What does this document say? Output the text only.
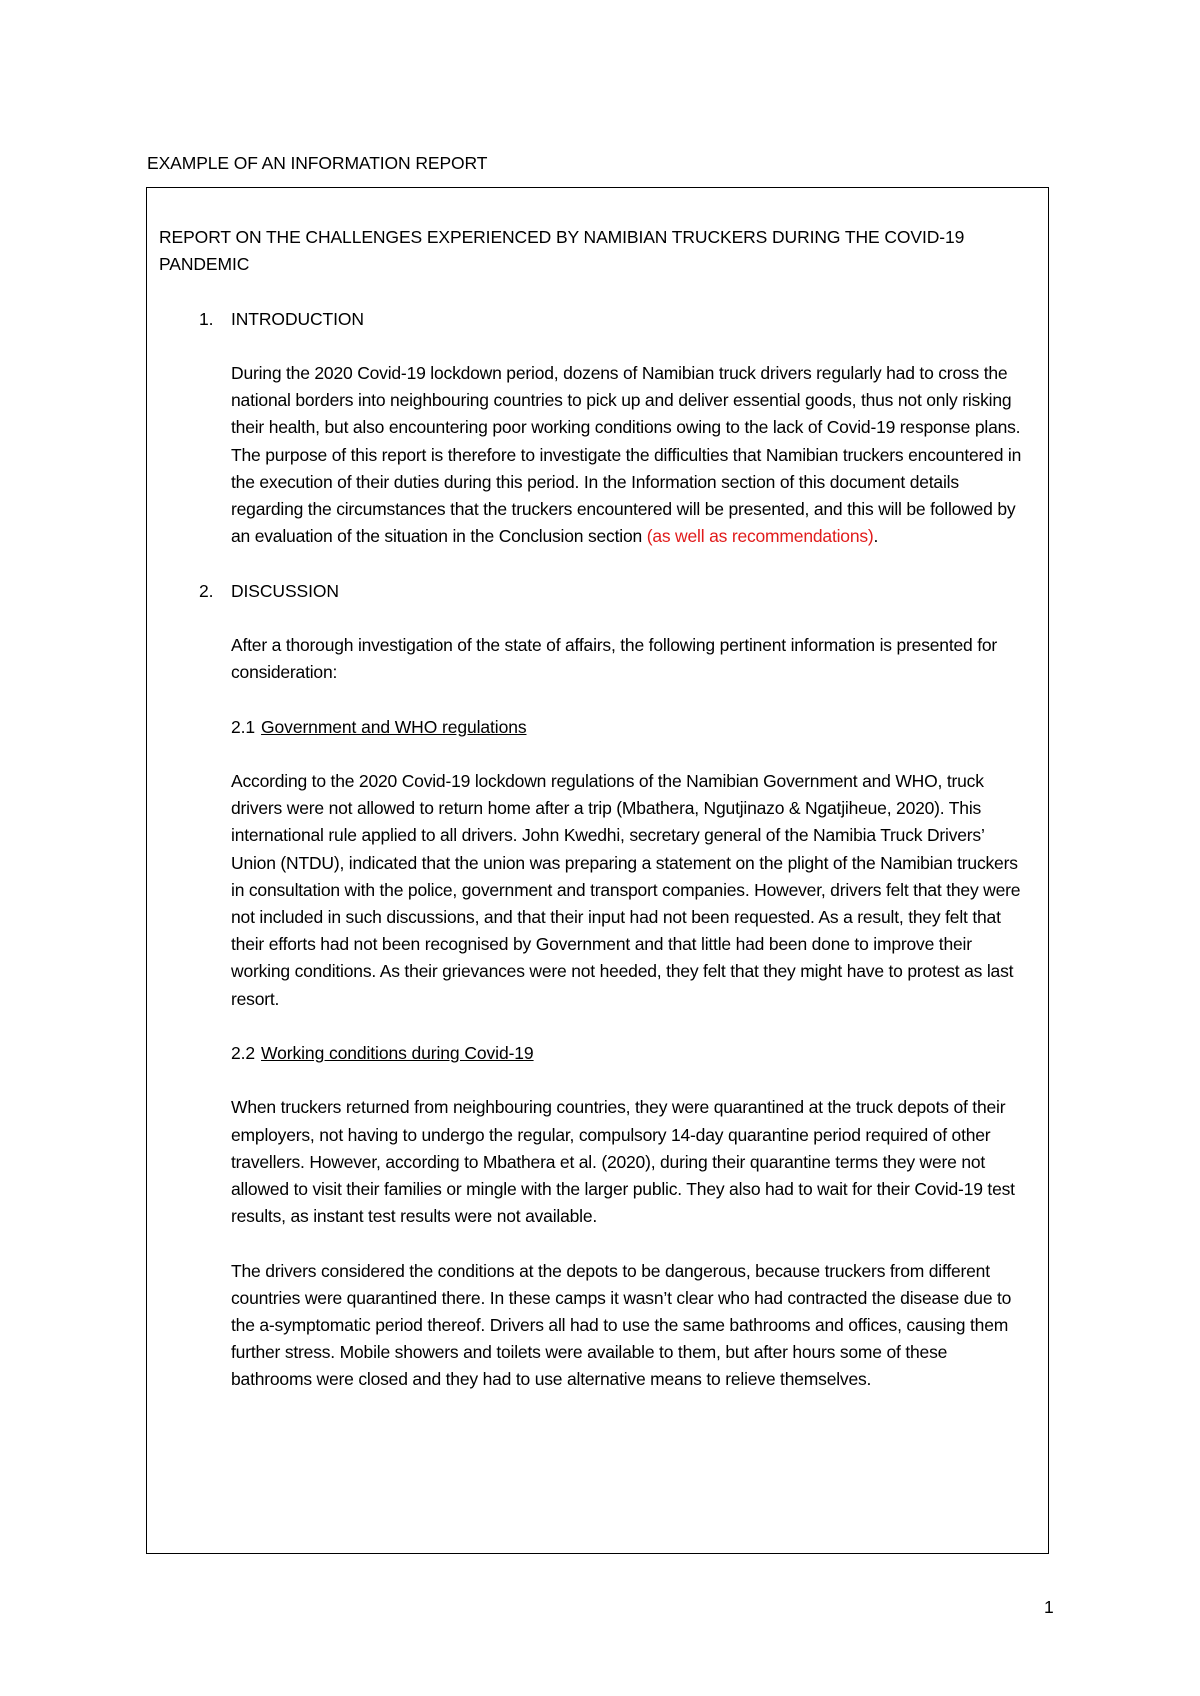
EXAMPLE OF AN INFORMATION REPORT

REPORT ON THE CHALLENGES EXPERIENCED BY NAMIBIAN TRUCKERS DURING THE COVID-19 PANDEMIC

1. INTRODUCTION

During the 2020 Covid-19 lockdown period, dozens of Namibian truck drivers regularly had to cross the national borders into neighbouring countries to pick up and deliver essential goods, thus not only risking their health, but also encountering poor working conditions owing to the lack of Covid-19 response plans. The purpose of this report is therefore to investigate the difficulties that Namibian truckers encountered in the execution of their duties during this period. In the Information section of this document details regarding the circumstances that the truckers encountered will be presented, and this will be followed by an evaluation of the situation in the Conclusion section (as well as recommendations).

2. DISCUSSION

After a thorough investigation of the state of affairs, the following pertinent information is presented for consideration:

2.1 Government and WHO regulations

According to the 2020 Covid-19 lockdown regulations of the Namibian Government and WHO, truck drivers were not allowed to return home after a trip (Mbathera, Ngutjinazo & Ngatjiheue, 2020). This international rule applied to all drivers. John Kwedhi, secretary general of the Namibia Truck Drivers’ Union (NTDU), indicated that the union was preparing a statement on the plight of the Namibian truckers in consultation with the police, government and transport companies. However, drivers felt that they were not included in such discussions, and that their input had not been requested. As a result, they felt that their efforts had not been recognised by Government and that little had been done to improve their working conditions. As their grievances were not heeded, they felt that they might have to protest as last resort.

2.2 Working conditions during Covid-19

When truckers returned from neighbouring countries, they were quarantined at the truck depots of their employers, not having to undergo the regular, compulsory 14-day quarantine period required of other travellers. However, according to Mbathera et al. (2020), during their quarantine terms they were not allowed to visit their families or mingle with the larger public. They also had to wait for their Covid-19 test results, as instant test results were not available.

The drivers considered the conditions at the depots to be dangerous, because truckers from different countries were quarantined there. In these camps it wasn’t clear who had contracted the disease due to the a-symptomatic period thereof. Drivers all had to use the same bathrooms and offices, causing them further stress. Mobile showers and toilets were available to them, but after hours some of these bathrooms were closed and they had to use alternative means to relieve themselves.

1
